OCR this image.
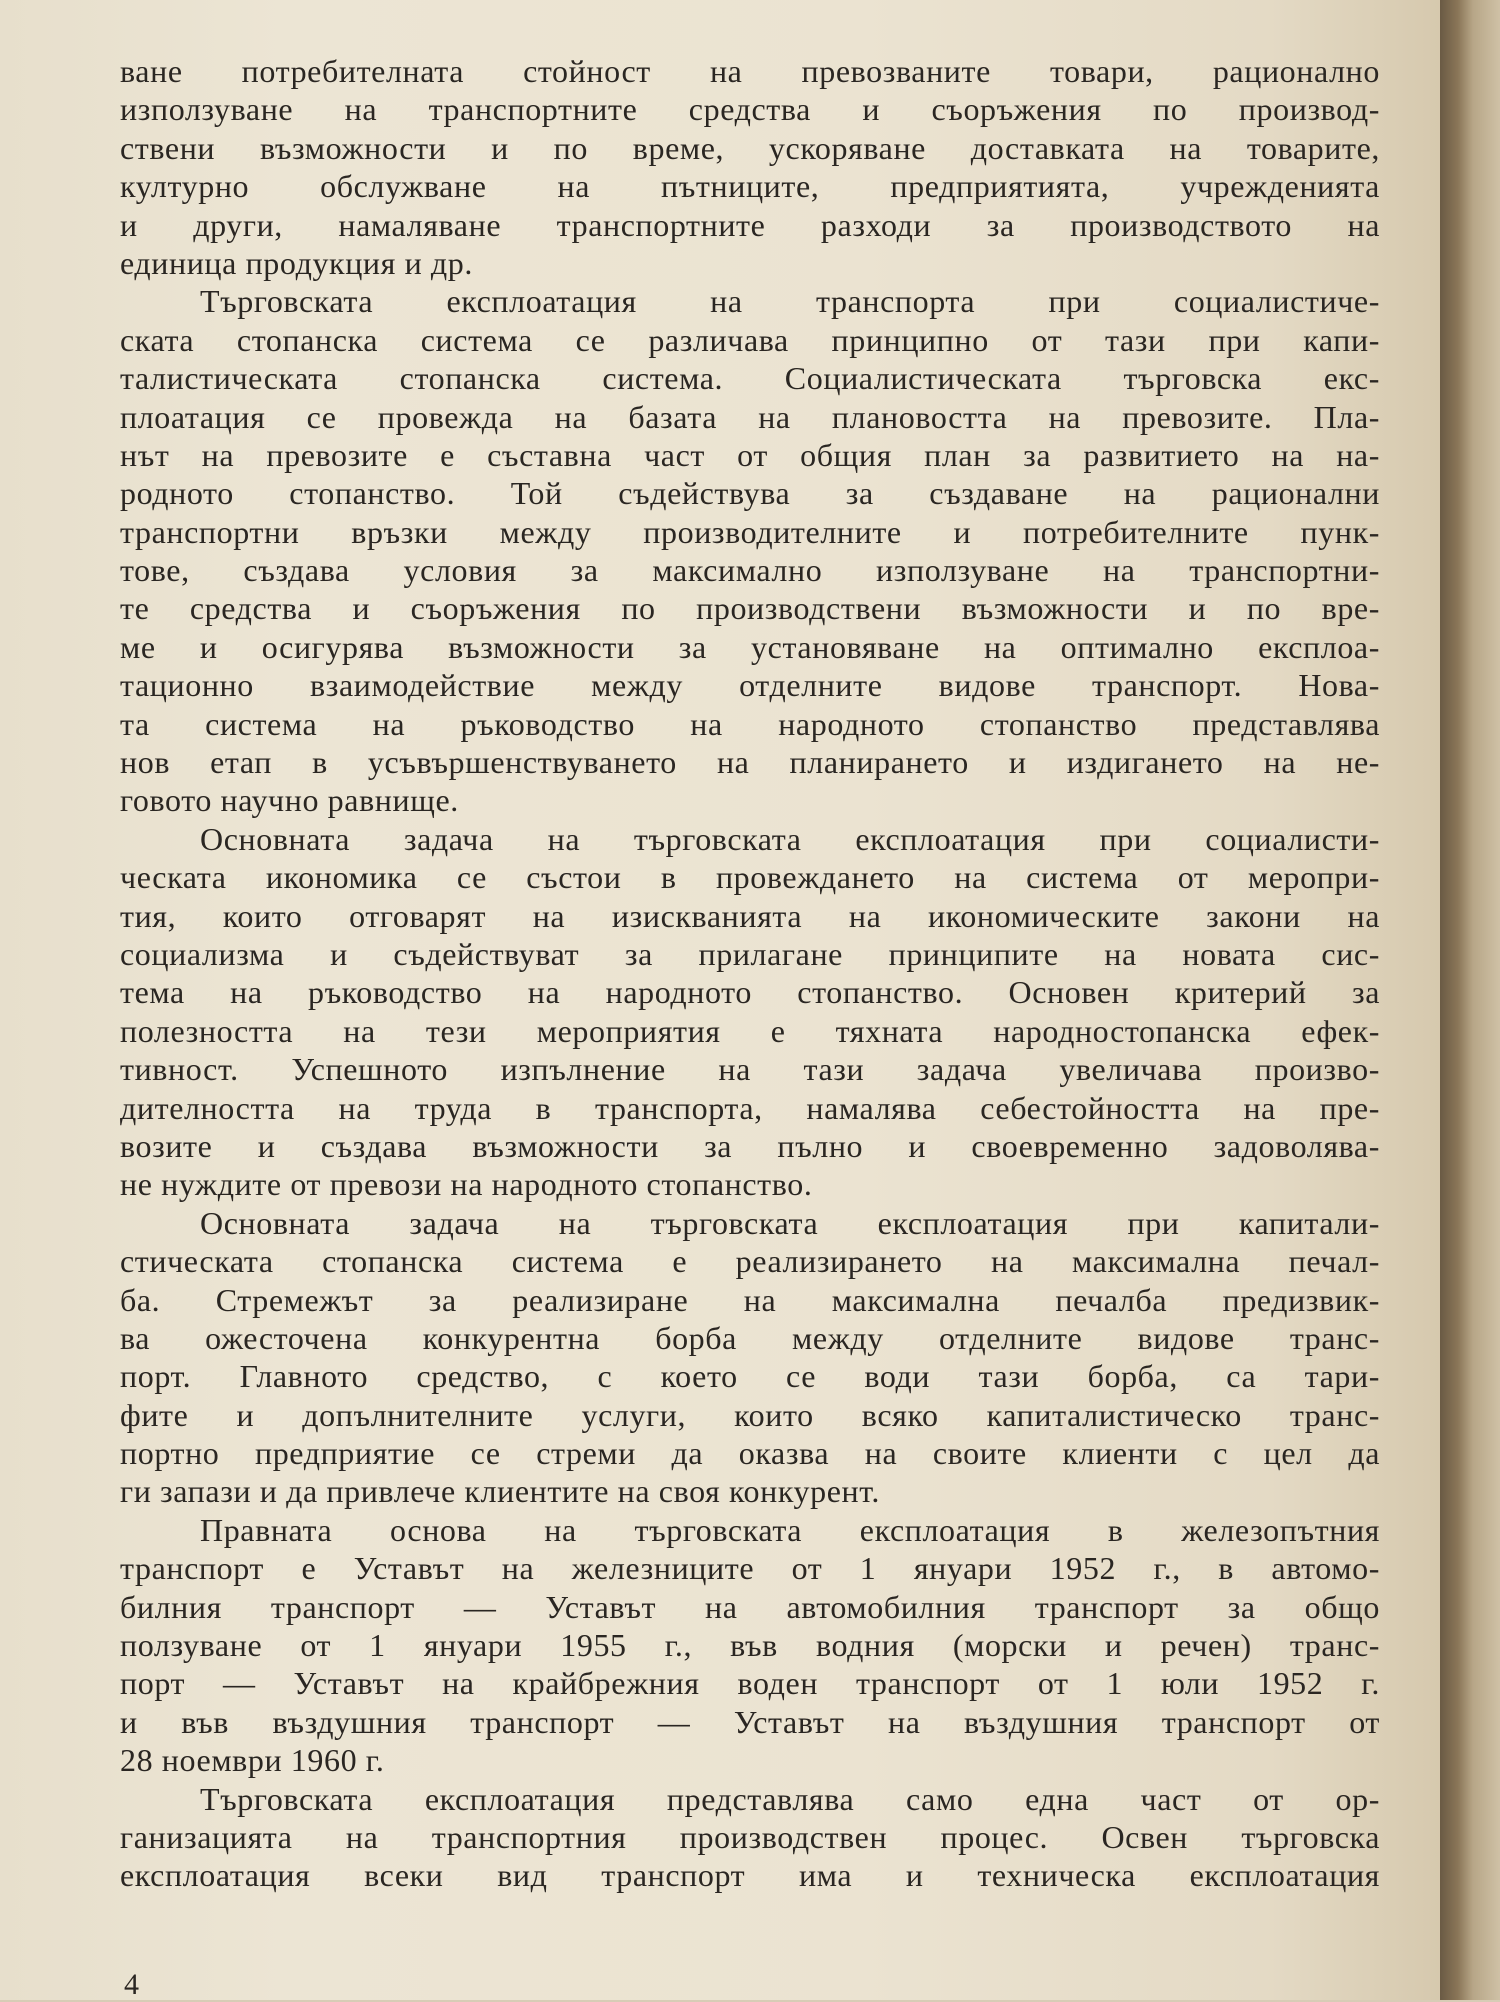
ване потребителната стойност на превозваните товари, рационално
използуване на транспортните средства и съоръжения по производ-
ствени възможности и по време, ускоряване доставката на товарите,
културно обслужване на пътниците, предприятията, учрежденията
и други, намаляване транспортните разходи за производството на
единица продукция и др.
Търговската експлоатация на транспорта при социалистиче-
ската стопанска система се различава принципно от тази при капи-
талистическата стопанска система. Социалистическата търговска екс-
плоатация се провежда на базата на плановостта на превозите. Пла-
нът на превозите е съставна част от общия план за развитието на на-
родното стопанство. Той съдействува за създаване на рационални
транспортни връзки между производителните и потребителните пунк-
тове, създава условия за максимално използуване на транспортни-
те средства и съоръжения по производствени възможности и по вре-
ме и осигурява възможности за установяване на оптимално експлоа-
тационно взаимодействие между отделните видове транспорт. Нова-
та система на ръководство на народното стопанство представлява
нов етап в усъвършенствуването на планирането и издигането на не-
говото научно равнище.
Основната задача на търговската експлоатация при социалисти-
ческата икономика се състои в провеждането на система от меропри-
тия, които отговарят на изискванията на икономическите закони на
социализма и съдействуват за прилагане принципите на новата сис-
тема на ръководство на народното стопанство. Основен критерий за
полезността на тези мероприятия е тяхната народностопанска ефек-
тивност. Успешното изпълнение на тази задача увеличава произво-
дителността на труда в транспорта, намалява себестойността на пре-
возите и създава възможности за пълно и своевременно задоволява-
не нуждите от превози на народното стопанство.
Основната задача на търговската експлоатация при капитали-
стическата стопанска система е реализирането на максимална печал-
ба. Стремежът за реализиране на максимална печалба предизвик-
ва ожесточена конкурентна борба между отделните видове транс-
порт. Главното средство, с което се води тази борба, са тари-
фите и допълнителните услуги, които всяко капиталистическо транс-
портно предприятие се стреми да оказва на своите клиенти с цел да
ги запази и да привлече клиентите на своя конкурент.
Правната основа на търговската експлоатация в железопътния
транспорт е Уставът на железниците от 1 януари 1952 г., в автомо-
билния транспорт — Уставът на автомобилния транспорт за общо
ползуване от 1 януари 1955 г., във водния (морски и речен) транс-
порт — Уставът на крайбрежния воден транспорт от 1 юли 1952 г.
и във въздушния транспорт — Уставът на въздушния транспорт от
28 ноември 1960 г.
Търговската експлоатация представлява само една част от ор-
ганизацията на транспортния производствен процес. Освен търговска
експлоатация всеки вид транспорт има и техническа експлоатация
4
